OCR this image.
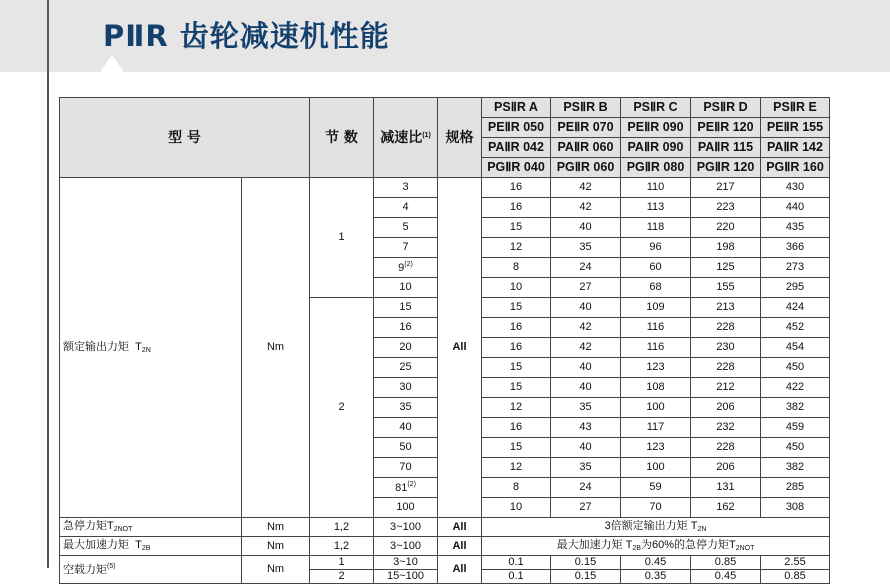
PⅡR 齿轮减速机性能
型 号		节 数	减速比$^{(1)}$	规格	PSⅡR A	PSⅡR B	PSⅡR C	PSⅡR D	PSⅡR E
					PEⅡR 050	PEⅡR 070	PEⅡR 090	PEⅡR 120	PEⅡR 155
					PAⅡR 042	PAⅡR 060	PAⅡR 090	PAⅡR 115	PAⅡR 142
					PGⅡR 040	PGⅡR 060	PGⅡR 080	PGⅡR 120	PGⅡR 160
额定输出力矩 $T_{2N}$	Nm	1	3	All	16	42	110	217	430
			4		16	42	113	223	440
			5		15	40	118	220	435
			7		12	35	96	198	366
			9$^{(2)}$		8	24	60	125	273
			10		10	27	68	155	295
		2	15		15	40	109	213	424
			16		16	42	116	228	452
			20		16	42	116	230	454
			25		15	40	123	228	450
			30		15	40	108	212	422
			35		12	35	100	206	382
			40		16	43	117	232	459
			50		15	40	123	228	450
			70		12	35	100	206	382
			81$^{(2)}$		8	24	59	131	285
			100		10	27	70	162	308
急停力矩$T_{2NOT}$	Nm	1,2	3~100	All	3倍额定输出力矩 $T_{2N}$
最大加速力矩 $T_{2B}$	Nm	1,2	3~100	All	最大加速力矩 $T_{2B}$为60%的急停力矩$T_{2NOT}$
空载力矩$^{(5)}$	Nm	1	3~10	All	0.1	0.15	0.45	0.85	2.55
		2	15~100		0.1	0.15	0.35	0.45	0.85
